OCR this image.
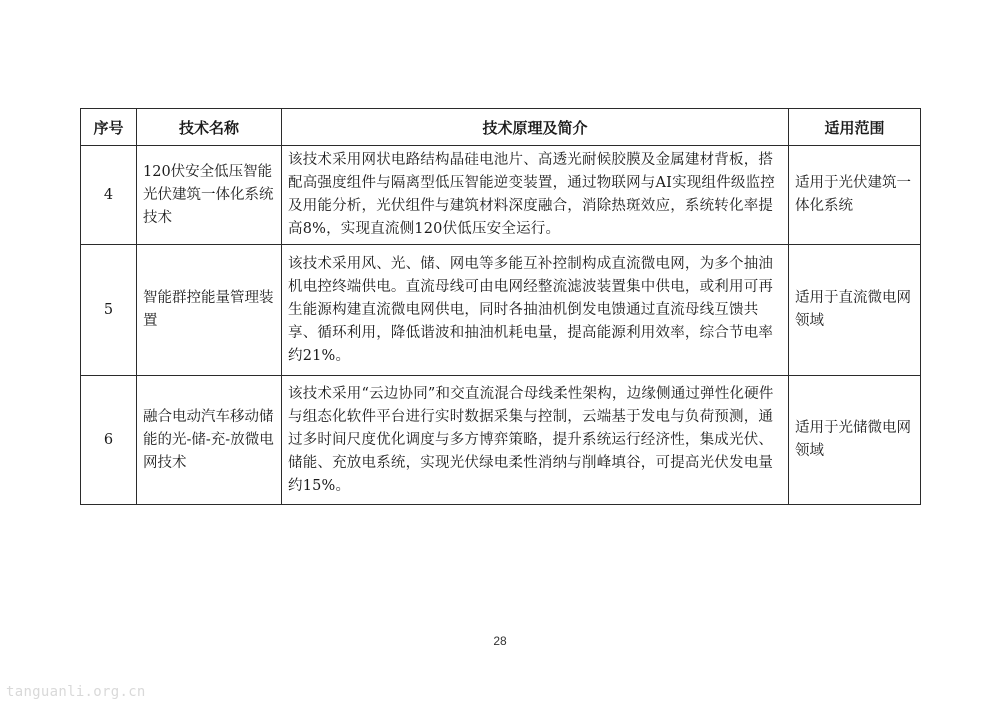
序号	技术名称	技术原理及简介	适用范围
4	120伏安全低压智能光伏建筑一体化系统技术	该技术采用网状电路结构晶硅电池片、高透光耐候胶膜及金属建材背板，搭配高强度组件与隔离型低压智能逆变装置，通过物联网与AI实现组件级监控及用能分析，光伏组件与建筑材料深度融合，消除热斑效应，系统转化率提高8%，实现直流侧120伏低压安全运行。	适用于光伏建筑一体化系统
5	智能群控能量管理装置	该技术采用风、光、储、网电等多能互补控制构成直流微电网，为多个抽油机电控终端供电。直流母线可由电网经整流滤波装置集中供电，或利用可再生能源构建直流微电网供电，同时各抽油机倒发电馈通过直流母线互馈共享、循环利用，降低谐波和抽油机耗电量，提高能源利用效率，综合节电率约21%。	适用于直流微电网领域
6	融合电动汽车移动储能的光-储-充-放微电网技术	该技术采用“云边协同”和交直流混合母线柔性架构，边缘侧通过弹性化硬件与组态化软件平台进行实时数据采集与控制，云端基于发电与负荷预测，通过多时间尺度优化调度与多方博弈策略，提升系统运行经济性，集成光伏、储能、充放电系统，实现光伏绿电柔性消纳与削峰填谷，可提高光伏发电量约15%。	适用于光储微电网领域
28
tanguanli.org.cn
